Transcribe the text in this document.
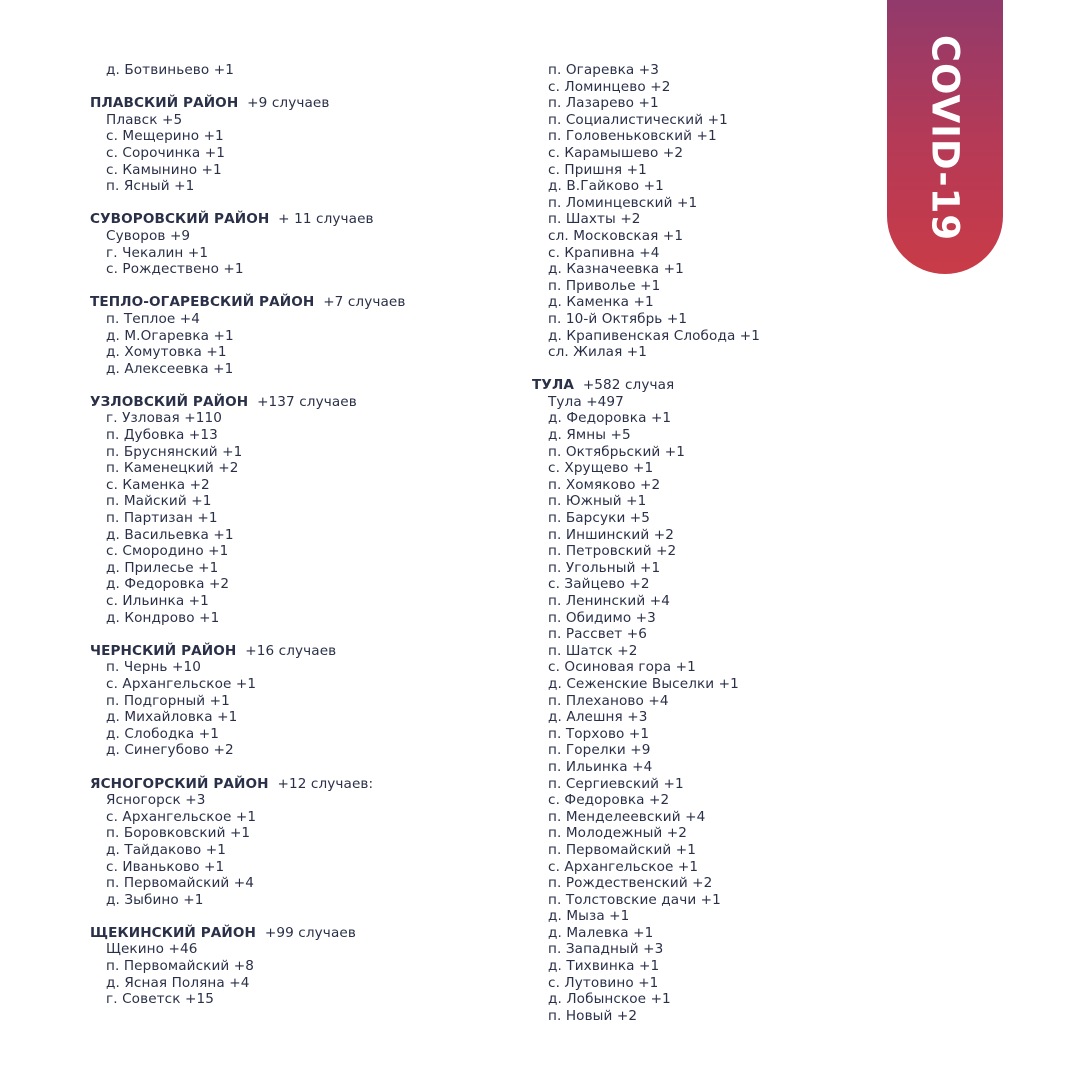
COVID-19
д. Ботвиньево +1
ПЛАВСКИЙ РАЙОН +9 случаев
Плавск +5
с. Мещерино +1
с. Сорочинка +1
с. Камынино +1
п. Ясный +1
СУВОРОВСКИЙ РАЙОН + 11 случаев
Суворов +9
г. Чекалин +1
с. Рождествено +1
ТЕПЛО-ОГАРЕВСКИЙ РАЙОН +7 случаев
п. Теплое +4
д. М.Огаревка +1
д. Хомутовка +1
д. Алексеевка +1
УЗЛОВСКИЙ РАЙОН +137 случаев
г. Узловая +110
п. Дубовка +13
п. Бруснянский +1
п. Каменецкий +2
с. Каменка +2
п. Майский +1
п. Партизан +1
д. Васильевка +1
с. Смородино +1
д. Прилесье +1
д. Федоровка +2
с. Ильинка +1
д. Кондрово +1
ЧЕРНСКИЙ РАЙОН +16 случаев
п. Чернь +10
с. Архангельское +1
п. Подгорный +1
д. Михайловка +1
д. Слободка +1
д. Синегубово +2
ЯСНОГОРСКИЙ РАЙОН +12 случаев:
Ясногорск +3
с. Архангельское +1
п. Боровковский +1
д. Тайдаково +1
с. Иваньково +1
п. Первомайский +4
д. Зыбино +1
ЩЕКИНСКИЙ РАЙОН +99 случаев
Щекино +46
п. Первомайский +8
д. Ясная Поляна +4
г. Советск +15
п. Огаревка +3
с. Ломинцево +2
п. Лазарево +1
п. Социалистический +1
п. Головеньковский +1
с. Карамышево +2
с. Пришня +1
д. В.Гайково +1
п. Ломинцевский +1
п. Шахты +2
сл. Московская +1
с. Крапивна +4
д. Казначеевка +1
п. Приволье +1
д. Каменка +1
п. 10-й Октябрь +1
д. Крапивенская Слобода +1
сл. Жилая +1
ТУЛА +582 случая
Тула +497
д. Федоровка +1
д. Ямны +5
п. Октябрьский +1
с. Хрущево +1
п. Хомяково +2
п. Южный +1
п. Барсуки +5
п. Иншинский +2
п. Петровский +2
п. Угольный +1
с. Зайцево +2
п. Ленинский +4
п. Обидимо +3
п. Рассвет +6
п. Шатск +2
с. Осиновая гора +1
д. Сеженские Выселки +1
п. Плеханово +4
д. Алешня +3
п. Торхово +1
п. Горелки +9
п. Ильинка +4
п. Сергиевский +1
с. Федоровка +2
п. Менделеевский +4
п. Молодежный +2
п. Первомайский +1
с. Архангельское +1
п. Рождественский +2
п. Толстовские дачи +1
д. Мыза +1
д. Малевка +1
п. Западный +3
д. Тихвинка +1
с. Лутовино +1
д. Лобынское +1
п. Новый +2
